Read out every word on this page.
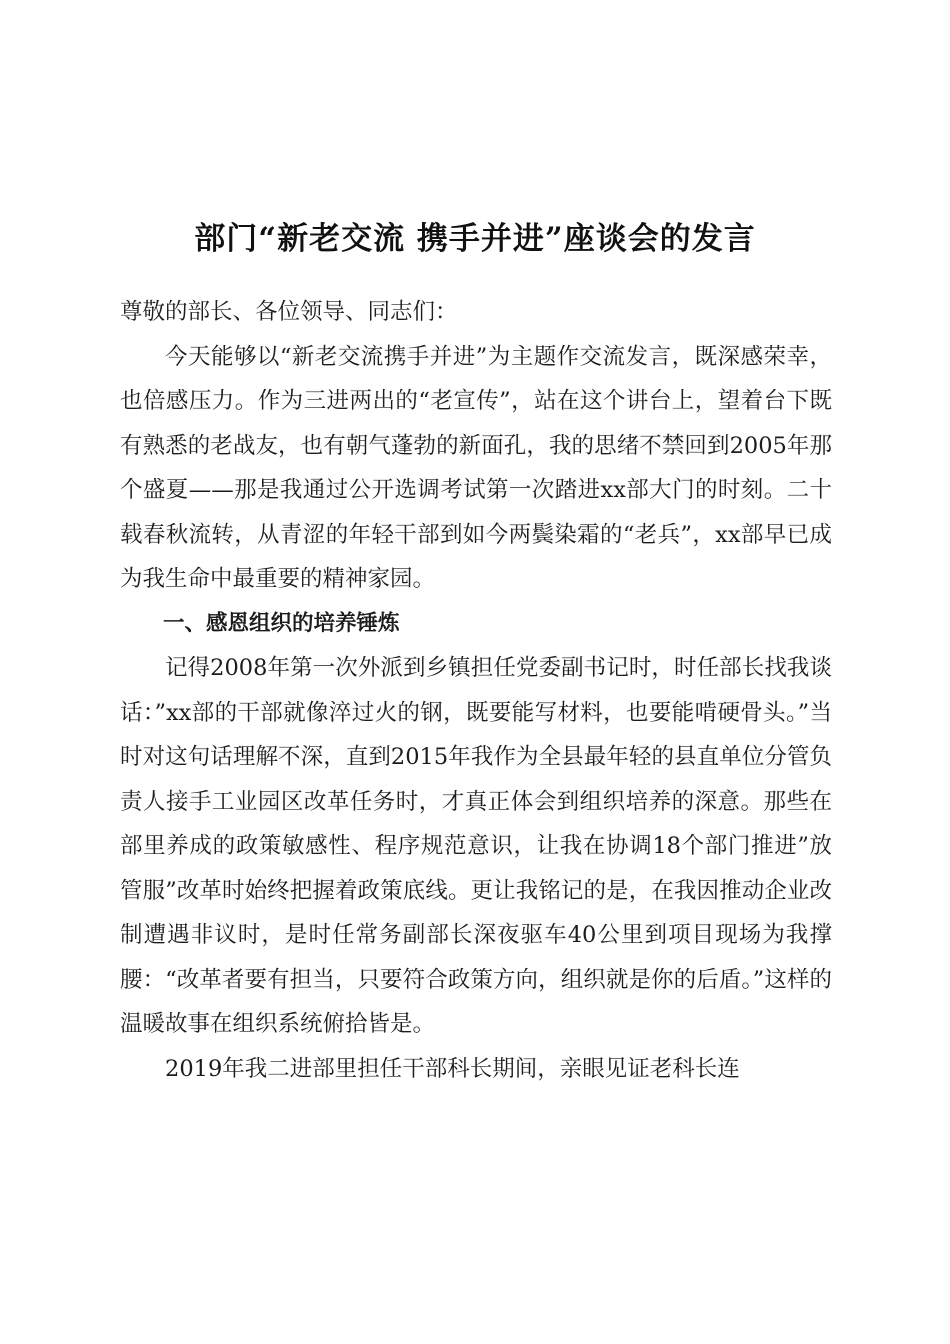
部门“新老交流 携手并进”座谈会的发言

尊敬的部长、各位领导、同志们：

今天能够以“新老交流携手并进”为主题作交流发言，既深感荣幸，也倍感压力。作为三进两出的“老宣传”，站在这个讲台上，望着台下既有熟悉的老战友，也有朝气蓬勃的新面孔，我的思绪不禁回到2005年那个盛夏——那是我通过公开选调考试第一次踏进xx部大门的时刻。二十载春秋流转，从青涩的年轻干部到如今两鬓染霜的“老兵”，xx部早已成为我生命中最重要的精神家园。

一、感恩组织的培养锤炼

记得2008年第一次外派到乡镇担任党委副书记时，时任部长找我谈话：”xx部的干部就像淬过火的钢，既要能写材料，也要能啃硬骨头。”当时对这句话理解不深，直到2015年我作为全县最年轻的县直单位分管负责人接手工业园区改革任务时，才真正体会到组织培养的深意。那些在部里养成的政策敏感性、程序规范意识，让我在协调18个部门推进”放管服”改革时始终把握着政策底线。更让我铭记的是，在我因推动企业改制遭遇非议时，是时任常务副部长深夜驱车40公里到项目现场为我撑腰：“改革者要有担当，只要符合政策方向，组织就是你的后盾。”这样的温暖故事在组织系统俯拾皆是。

2019年我二进部里担任干部科长期间，亲眼见证老科长连
